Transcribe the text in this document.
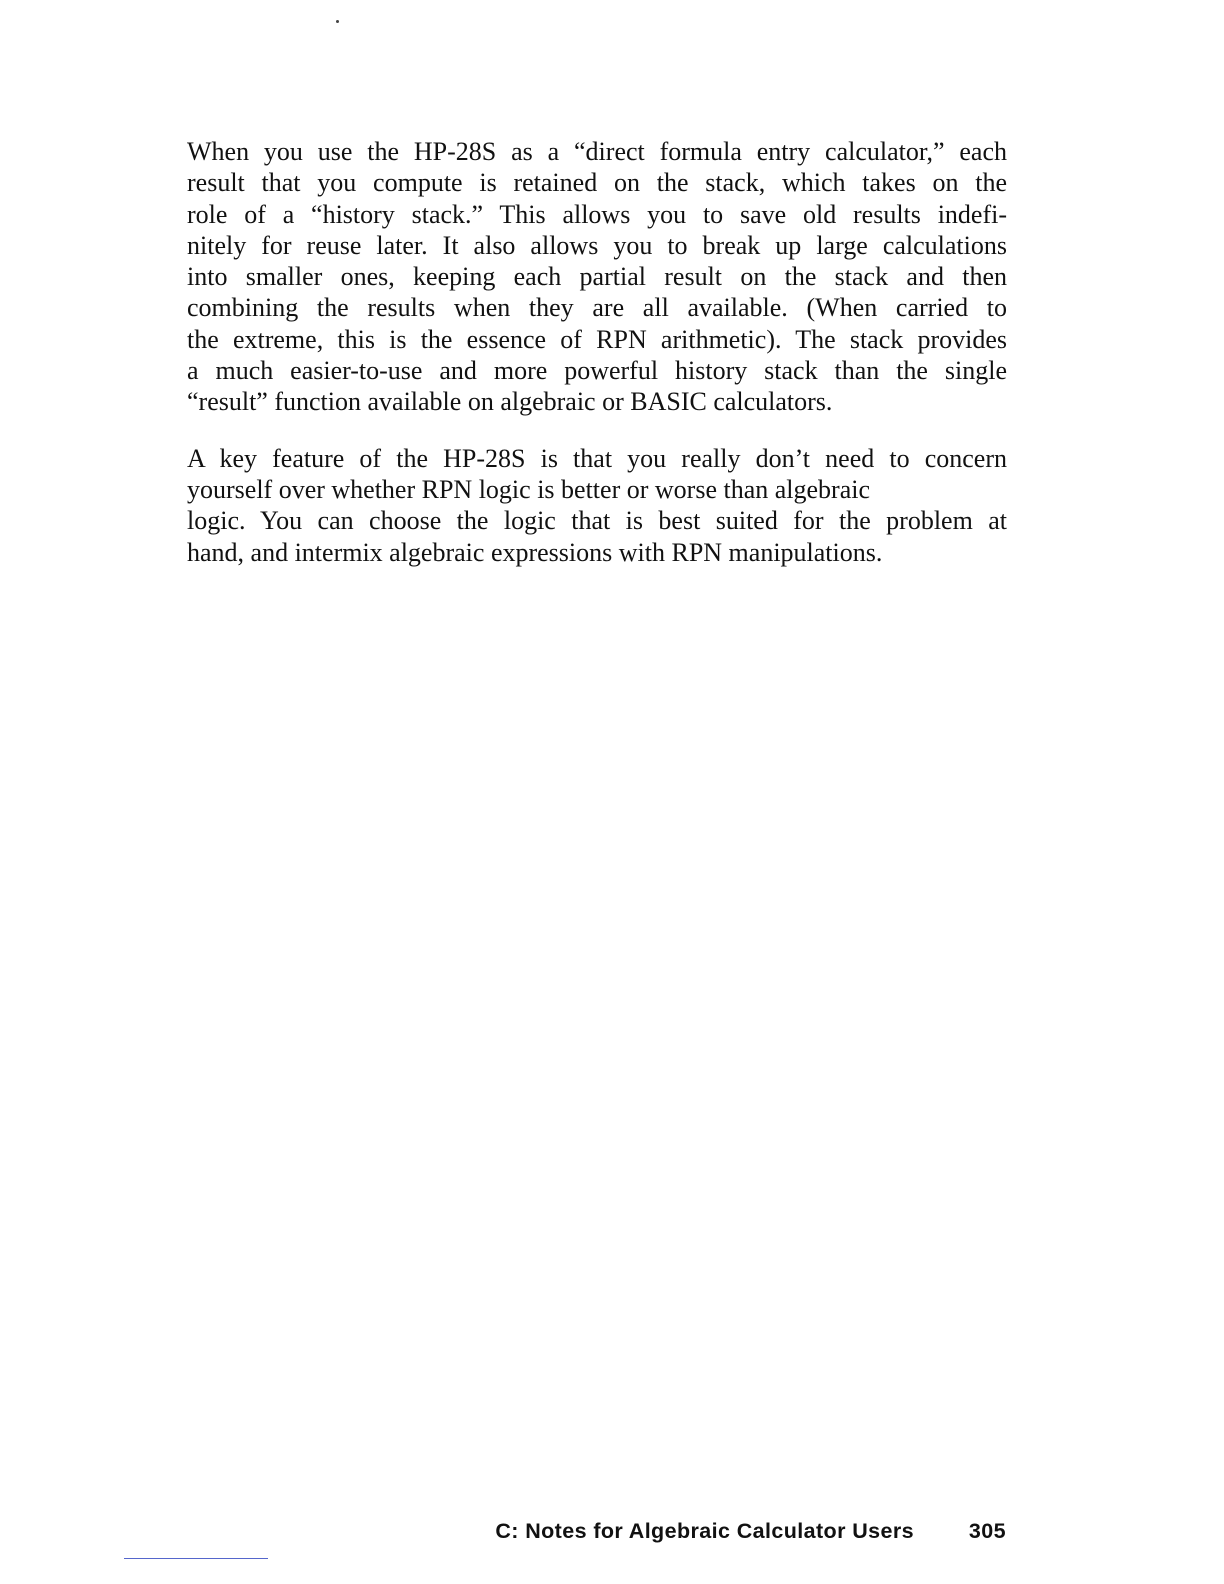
When you use the HP-28S as a “direct formula entry calculator,” each
result that you compute is retained on the stack, which takes on the
role of a “history stack.” This allows you to save old results indefi-
nitely for reuse later. It also allows you to break up large calculations
into smaller ones, keeping each partial result on the stack and then
combining the results when they are all available. (When carried to
the extreme, this is the essence of RPN arithmetic). The stack provides
a much easier-to-use and more powerful history stack than the single
“result” function available on algebraic or BASIC calculators.

A key feature of the HP-28S is that you really don’t need to concern
yourself over whether RPN logic is better or worse than algebraic
logic. You can choose the logic that is best suited for the problem at
hand, and intermix algebraic expressions with RPN manipulations.

C: Notes for Algebraic Calculator Users	305
